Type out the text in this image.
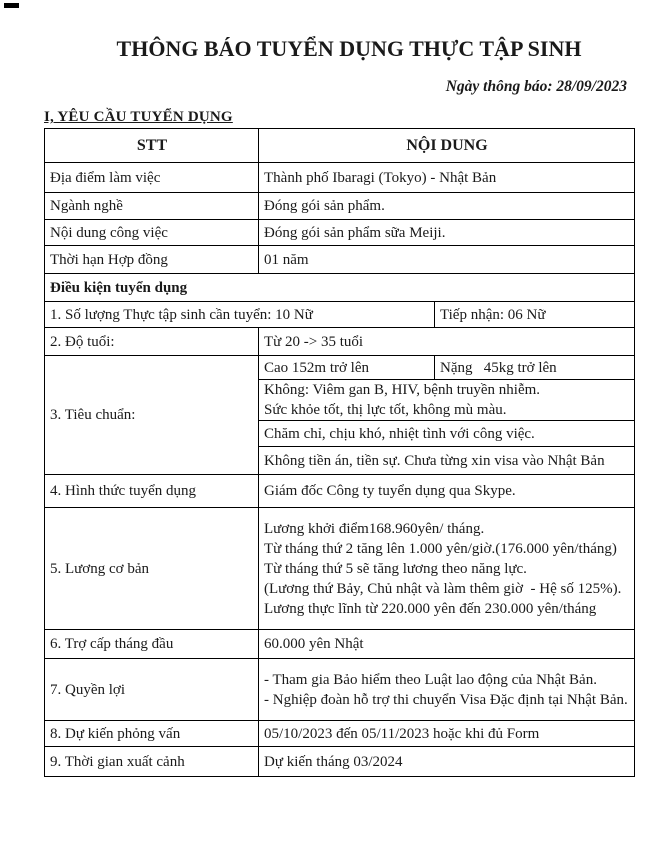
THÔNG BÁO TUYỂN DỤNG THỰC TẬP SINH
Ngày thông báo: 28/09/2023
I, YÊU CẦU TUYỂN DỤNG
STT	NỘI DUNG	
Địa điểm làm việc	Thành phố Ibaragi (Tokyo) - Nhật Bản	
Ngành nghề	Đóng gói sản phẩm.	
Nội dung công việc	Đóng gói sản phẩm sữa Meiji.	
Thời hạn Hợp đồng	01 năm	
Điều kiện tuyển dụng		
1. Số lượng Thực tập sinh cần tuyển: 10 Nữ		Tiếp nhận: 06 Nữ
2. Độ tuổi:	Từ 20 -> 35 tuổi	
3. Tiêu chuẩn:	Cao 152m trở lên	Nặng   45kg trở lên

	Không: Viêm gan B, HIV, bệnh truyền nhiễm.
Sức khỏe tốt, thị lực tốt, không mù màu.	

	Chăm chỉ, chịu khó, nhiệt tình với công việc.	
	Không tiền án, tiền sự. Chưa từng xin visa vào Nhật Bản	
4. Hình thức tuyển dụng	Giám đốc Công ty tuyển dụng qua Skype.	
5. Lương cơ bản	Lương khởi điểm168.960yên/ tháng.
Từ tháng thứ 2 tăng lên 1.000 yên/giờ.(176.000 yên/tháng)
Từ tháng thứ 5 sẽ tăng lương theo năng lực.
(Lương thứ Bảy, Chủ nhật và làm thêm giờ  - Hệ số 125%).
Lương thực lĩnh từ 220.000 yên đến 230.000 yên/tháng	

6. Trợ cấp tháng đầu	60.000 yên Nhật	
7. Quyền lợi	- Tham gia Bảo hiểm theo Luật lao động của Nhật Bản.
- Nghiệp đoàn hỗ trợ thi chuyển Visa Đặc định tại Nhật Bản.	

8. Dự kiến phỏng vấn	05/10/2023 đến 05/11/2023 hoặc khi đủ Form	
9. Thời gian xuất cảnh	Dự kiến tháng 03/2024	
